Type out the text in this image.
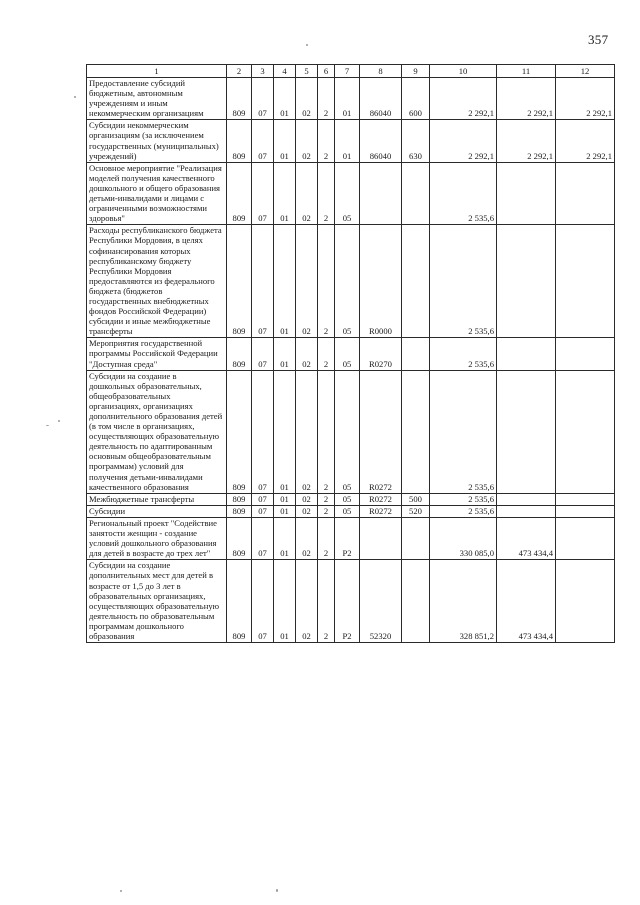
357
1	2	3	4	5	6	7	8	9	10	11	12
Предоставление субсидий бюджетным, автономным учреждениям и иным некоммерческим организациям	809	07	01	02	2	01	86040	600	2 292,1	2 292,1	2 292,1
Субсидии некоммерческим организациям (за исключением государственных (муниципальных) учреждений)	809	07	01	02	2	01	86040	630	2 292,1	2 292,1	2 292,1
Основное мероприятие "Реализация моделей получения качественного дошкольного и общего образования детьми-инвалидами и лицами с ограниченными возможностями здоровья"	809	07	01	02	2	05			2 535,6		
Расходы республиканского бюджета Республики Мордовия, в целях софинансирования которых республиканскому бюджету Республики Мордовия предоставляются из федерального бюджета (бюджетов государственных внебюджетных фондов Российской Федерации) субсидии и иные межбюджетные трансферты	809	07	01	02	2	05	R0000		2 535,6		
Мероприятия государственной программы Российской Федерации "Доступная среда"	809	07	01	02	2	05	R0270		2 535,6		
Субсидии на создание в дошкольных образовательных, общеобразовательных организациях, организациях дополнительного образования детей (в том числе в организациях, осуществляющих образовательную деятельность по адаптированным основным общеобразовательным программам) условий для получения детьми-инвалидами качественного образования	809	07	01	02	2	05	R0272		2 535,6		
Межбюджетные трансферты	809	07	01	02	2	05	R0272	500	2 535,6		
Субсидии	809	07	01	02	2	05	R0272	520	2 535,6		
Региональный проект "Содействие занятости женщин - создание условий дошкольного образования для детей в возрасте до трех лет"	809	07	01	02	2	P2			330 085,0	473 434,4	
Субсидии на создание дополнительных мест для детей в возрасте от 1,5 до 3 лет в образовательных организациях, осуществляющих образовательную деятельность по образовательным программам дошкольного образования	809	07	01	02	2	P2	52320		328 851,2	473 434,4	
